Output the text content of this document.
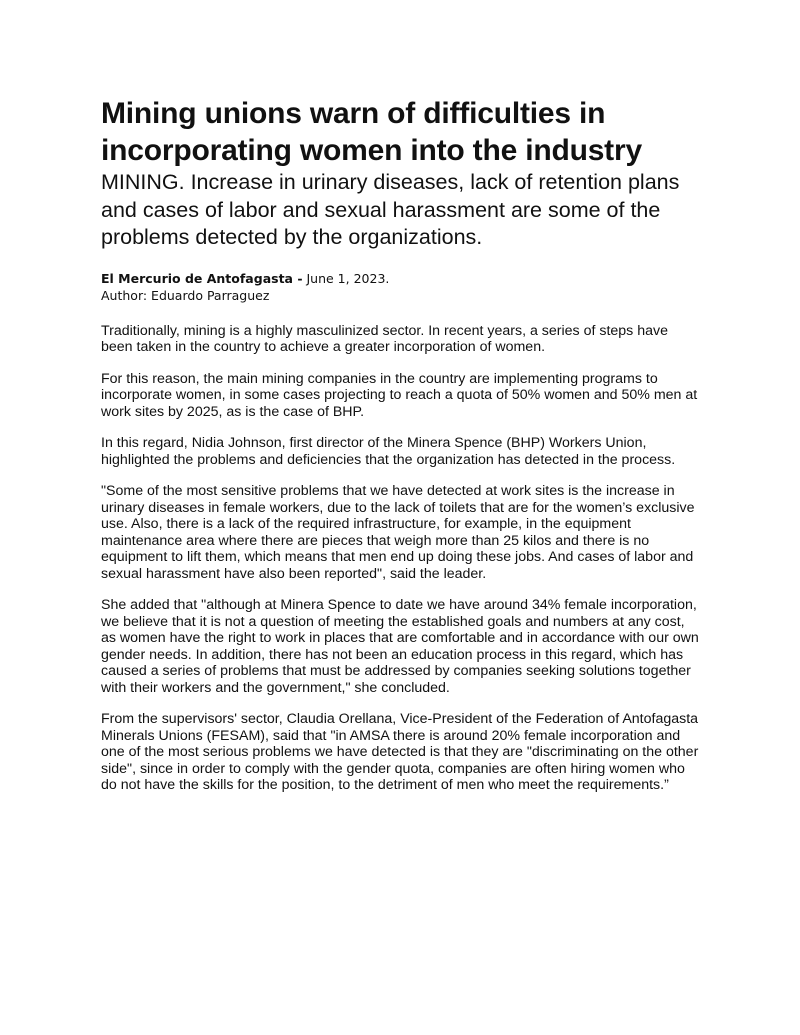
Mining unions warn of difficulties in incorporating women into the industry
MINING. Increase in urinary diseases, lack of retention plans and cases of labor and sexual harassment are some of the problems detected by the organizations.
El Mercurio de Antofagasta - June 1, 2023.
Author: Eduardo Parraguez

Traditionally, mining is a highly masculinized sector. In recent years, a series of steps have been taken in the country to achieve a greater incorporation of women.

For this reason, the main mining companies in the country are implementing programs to incorporate women, in some cases projecting to reach a quota of 50% women and 50% men at work sites by 2025, as is the case of BHP.

In this regard, Nidia Johnson, first director of the Minera Spence (BHP) Workers Union, highlighted the problems and deficiencies that the organization has detected in the process.

"Some of the most sensitive problems that we have detected at work sites is the increase in urinary diseases in female workers, due to the lack of toilets that are for the women’s exclusive use. Also, there is a lack of the required infrastructure, for example, in the equipment maintenance area where there are pieces that weigh more than 25 kilos and there is no equipment to lift them, which means that men end up doing these jobs. And cases of labor and sexual harassment have also been reported", said the leader.

She added that "although at Minera Spence to date we have around 34% female incorporation, we believe that it is not a question of meeting the established goals and numbers at any cost, as women have the right to work in places that are comfortable and in accordance with our own gender needs. In addition, there has not been an education process in this regard, which has caused a series of problems that must be addressed by companies seeking solutions together with their workers and the government," she concluded.

From the supervisors' sector, Claudia Orellana, Vice-President of the Federation of Antofagasta Minerals Unions (FESAM), said that "in AMSA there is around 20% female incorporation and one of the most serious problems we have detected is that they are "discriminating on the other side", since in order to comply with the gender quota, companies are often hiring women who do not have the skills for the position, to the detriment of men who meet the requirements.”
